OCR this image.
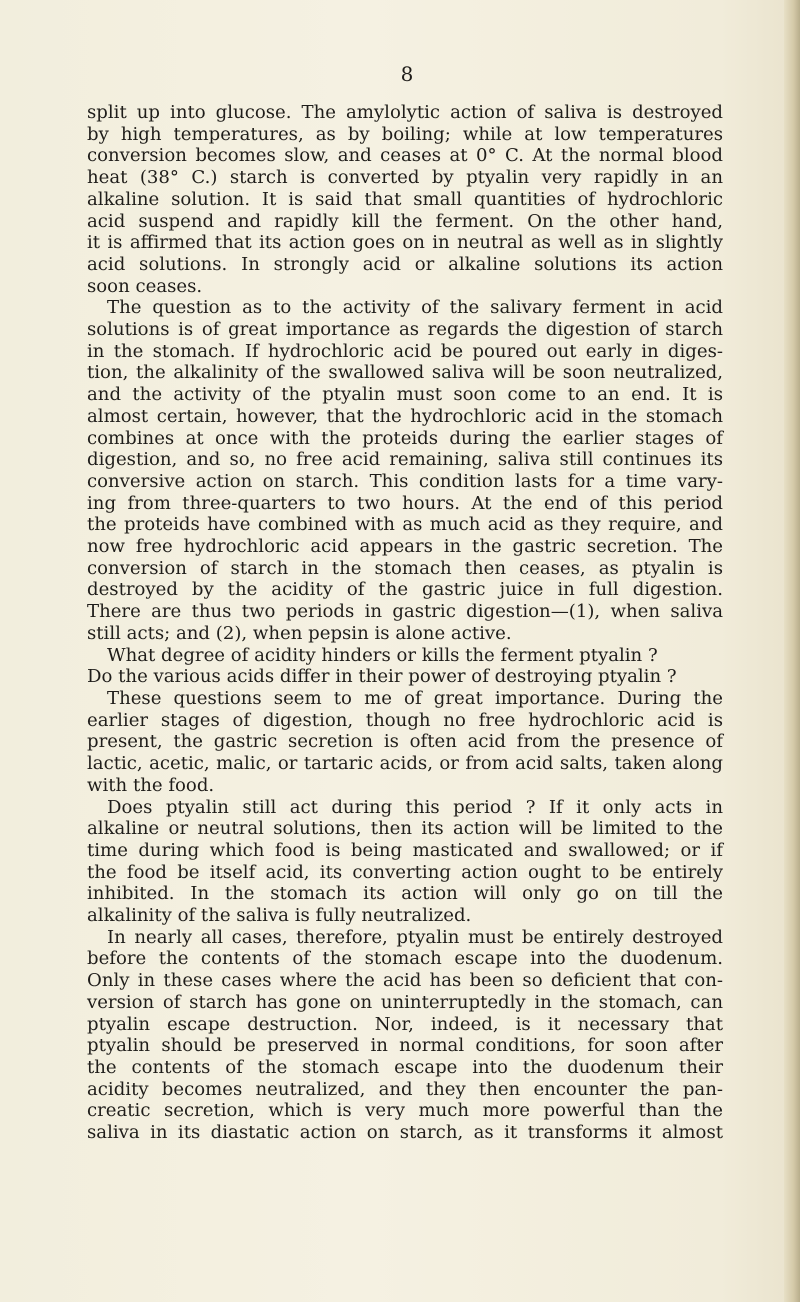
8

split up into glucose. The amylolytic action of saliva is destroyed

by high temperatures, as by boiling; while at low temperatures

conversion becomes slow, and ceases at 0° C. At the normal blood

heat (38° C.) starch is converted by ptyalin very rapidly in an

alkaline solution. It is said that small quantities of hydrochloric

acid suspend and rapidly kill the ferment. On the other hand,

it is affirmed that its action goes on in neutral as well as in slightly

acid solutions. In strongly acid or alkaline solutions its action

soon ceases.

The question as to the activity of the salivary ferment in acid

solutions is of great importance as regards the digestion of starch

in the stomach. If hydrochloric acid be poured out early in diges-

tion, the alkalinity of the swallowed saliva will be soon neutralized,

and the activity of the ptyalin must soon come to an end. It is

almost certain, however, that the hydrochloric acid in the stomach

combines at once with the proteids during the earlier stages of

digestion, and so, no free acid remaining, saliva still continues its

conversive action on starch. This condition lasts for a time vary-

ing from three-quarters to two hours. At the end of this period

the proteids have combined with as much acid as they require, and

now free hydrochloric acid appears in the gastric secretion. The

conversion of starch in the stomach then ceases, as ptyalin is

destroyed by the acidity of the gastric juice in full digestion.

There are thus two periods in gastric digestion—(1), when saliva

still acts; and (2), when pepsin is alone active.

What degree of acidity hinders or kills the ferment ptyalin ?

Do the various acids differ in their power of destroying ptyalin ?

These questions seem to me of great importance. During the

earlier stages of digestion, though no free hydrochloric acid is

present, the gastric secretion is often acid from the presence of

lactic, acetic, malic, or tartaric acids, or from acid salts, taken along

with the food.

Does ptyalin still act during this period ? If it only acts in

alkaline or neutral solutions, then its action will be limited to the

time during which food is being masticated and swallowed; or if

the food be itself acid, its converting action ought to be entirely

inhibited. In the stomach its action will only go on till the

alkalinity of the saliva is fully neutralized.

In nearly all cases, therefore, ptyalin must be entirely destroyed

before the contents of the stomach escape into the duodenum.

Only in these cases where the acid has been so deficient that con-

version of starch has gone on uninterruptedly in the stomach, can

ptyalin escape destruction. Nor, indeed, is it necessary that

ptyalin should be preserved in normal conditions, for soon after

the contents of the stomach escape into the duodenum their

acidity becomes neutralized, and they then encounter the pan-

creatic secretion, which is very much more powerful than the

saliva in its diastatic action on starch, as it transforms it almost
